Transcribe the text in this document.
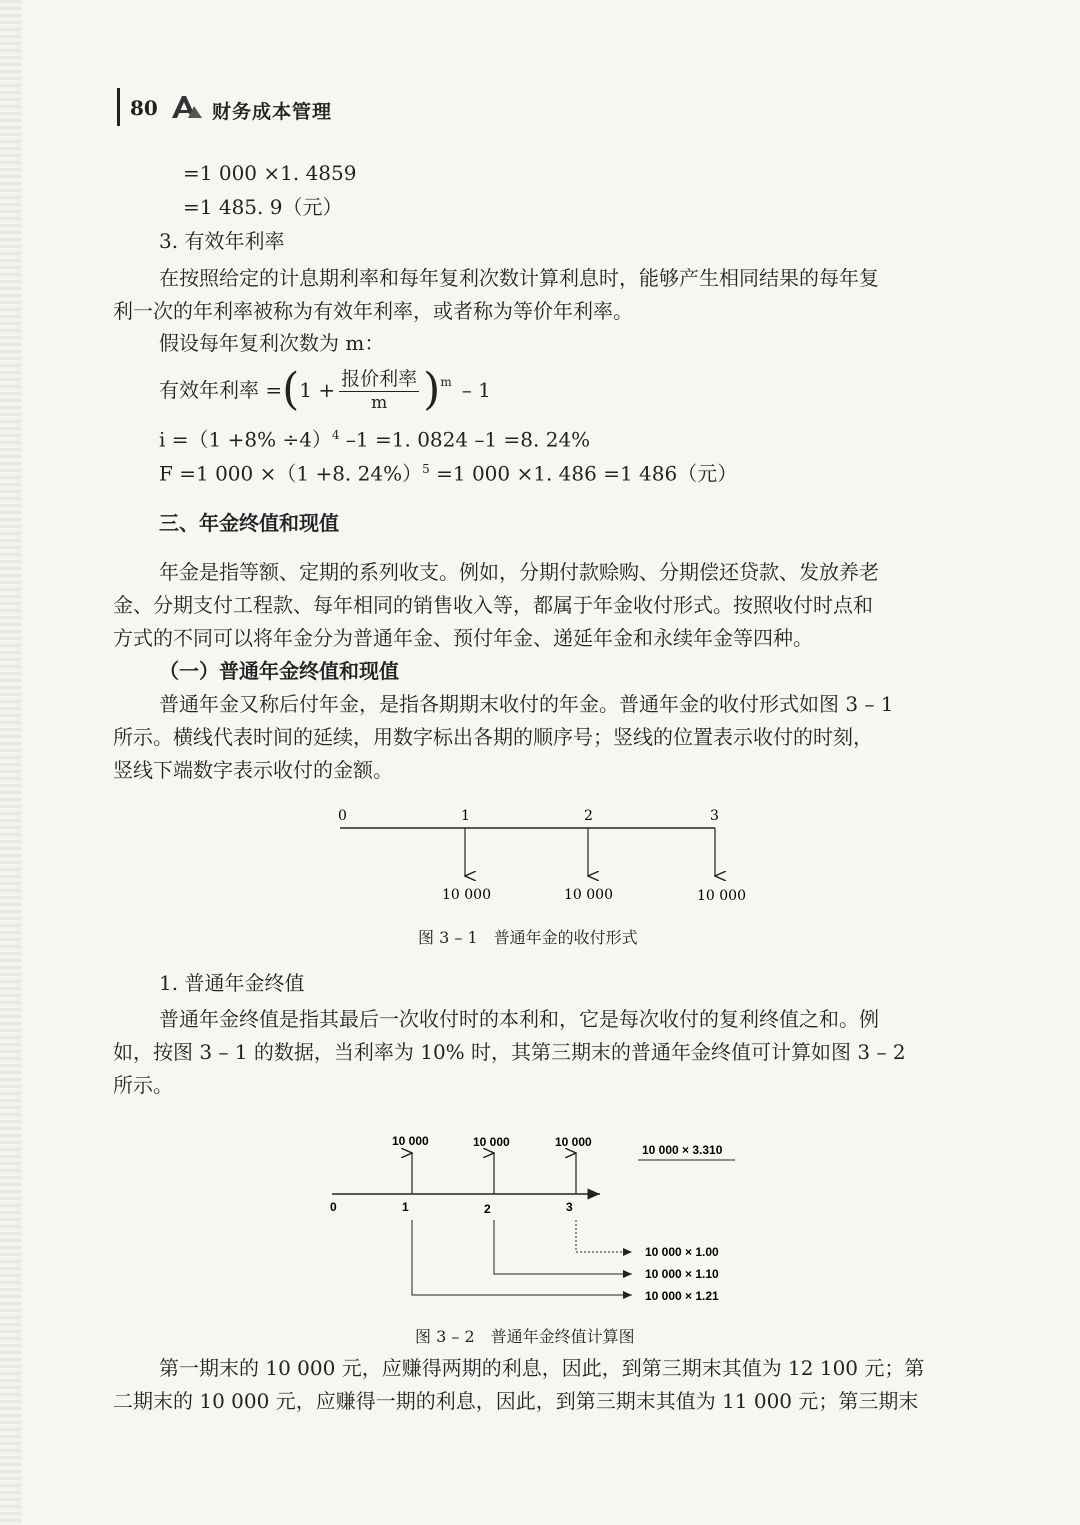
80	财务成本管理
=1 000 ×1. 4859
=1 485. 9（元）
3. 有效年利率
在按照给定的计息期利率和每年复利次数计算利息时，能够产生相同结果的每年复
利一次的年利率被称为有效年利率，或者称为等价年利率。
假设每年复利次数为 m：
有效年利率 = ( $1 + \frac{\text{报价利率}}{m} )^m - 1$
$i =(1 +8\% \div 4)^4$ –1 =1. 0824 –1 =8. 24%
F =1 000 ×（1 +8. 24%）$^5$ =1 000 ×1. 486 =1 486（元）
三、年金终值和现值
年金是指等额、定期的系列收支。例如，分期付款赊购、分期偿还贷款、发放养老
金、分期支付工程款、每年相同的销售收入等，都属于年金收付形式。按照收付时点和
方式的不同可以将年金分为普通年金、预付年金、递延年金和永续年金等四种。
（一）普通年金终值和现值
普通年金又称后付年金，是指各期期末收付的年金。普通年金的收付形式如图 3 – 1
所示。横线代表时间的延续，用数字标出各期的顺序号；竖线的位置表示收付的时刻，
竖线下端数字表示收付的金额。
0	1	2	3
10 000	10 000	10 000
图 3 – 1　普通年金的收付形式
1. 普通年金终值
普通年金终值是指其最后一次收付时的本利和，它是每次收付的复利终值之和。例
如，按图 3 – 1 的数据，当利率为 10% 时，其第三期末的普通年金终值可计算如图 3 – 2
所示。
10 000	10 000	10 000
10 000 × 3.310
0	1	2	3
10 000 × 1.00
10 000 × 1.10
10 000 × 1.21
图 3 – 2　普通年金终值计算图
第一期末的 10 000 元，应赚得两期的利息，因此，到第三期末其值为 12 100 元；第
二期末的 10 000 元，应赚得一期的利息，因此，到第三期末其值为 11 000 元；第三期末
